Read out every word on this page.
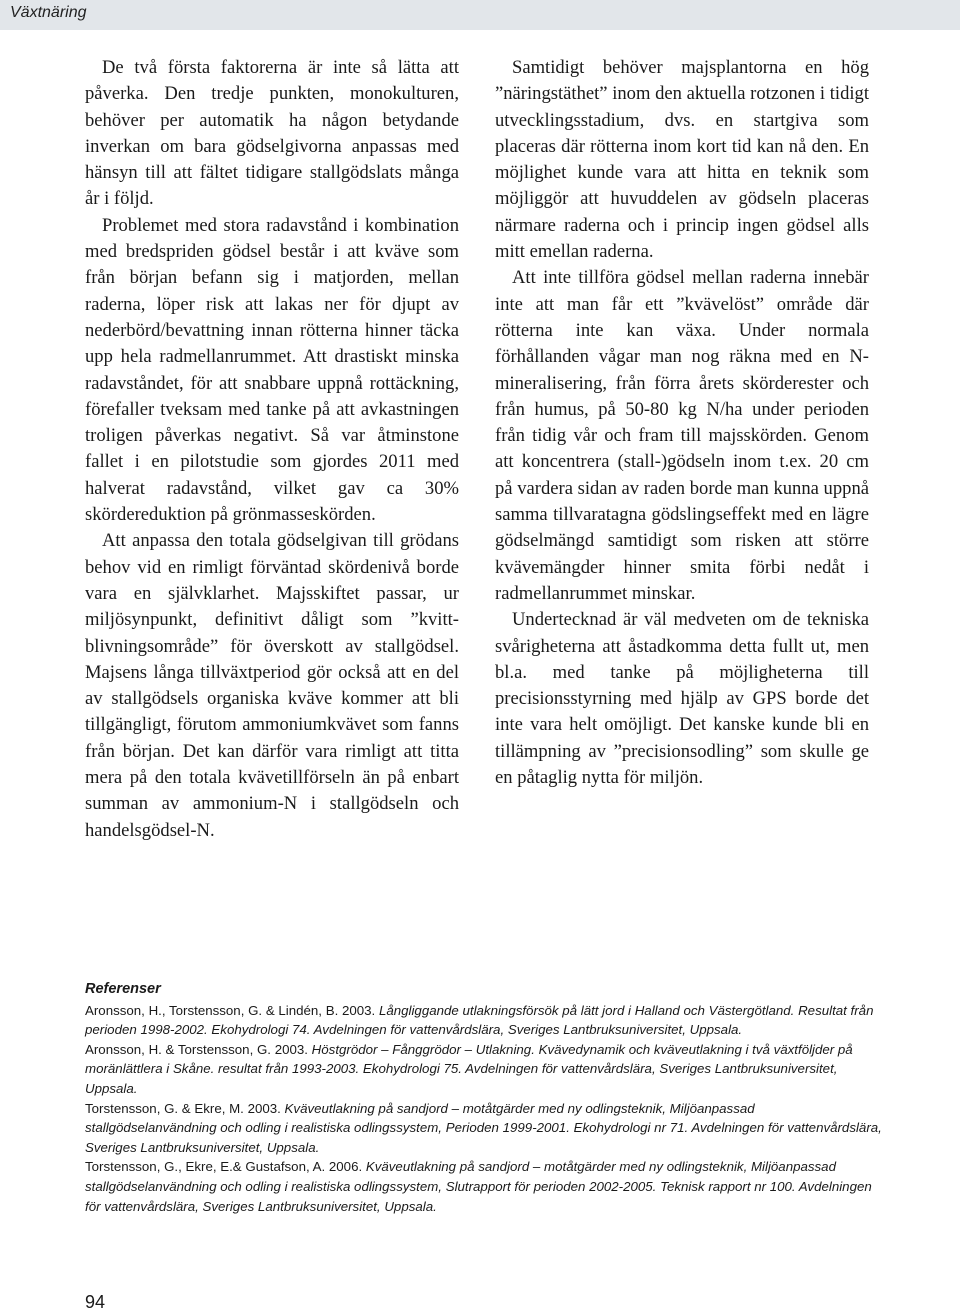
Växtnäring

De två första faktorerna är inte så lätta att påverka. Den tredje punkten, monokulturen, behöver per automatik ha någon betydande inverkan om bara gödselgivorna anpassas med hänsyn till att fältet tidigare stallgödslats många år i följd.

Problemet med stora radavstånd i kombination med bredspriden gödsel består i att kväve som från början befann sig i matjorden, mellan raderna, löper risk att lakas ner för djupt av nederbörd/bevattning innan rötterna hinner täcka upp hela radmellanrummet. Att drastiskt minska radavståndet, för att snabbare uppnå rottäckning, förefaller tveksam med tanke på att avkastningen troligen påverkas negativt. Så var åtminstone fallet i en pilotstudie som gjordes 2011 med halverat radavstånd, vilket gav ca 30% skördereduktion på grönmasseskörden.

Att anpassa den totala gödselgivan till grödans behov vid en rimligt förväntad skördenivå borde vara en självklarhet. Majsskiftet passar, ur miljösynpunkt, definitivt dåligt som ”kvitt-blivningsområde” för överskott av stallgödsel. Majsens långa tillväxtperiod gör också att en del av stallgödsels organiska kväve kommer att bli tillgängligt, förutom ammoniumkvävet som fanns från början. Det kan därför vara rimligt att titta mera på den totala kvävetillförseln än på enbart summan av ammonium-N i stallgödseln och handelsgödsel-N.

Samtidigt behöver majsplantorna en hög ”näringstäthet” inom den aktuella rotzonen i tidigt utvecklingsstadium, dvs. en startgiva som placeras där rötterna inom kort tid kan nå den. En möjlighet kunde vara att hitta en teknik som möjliggör att huvuddelen av gödseln placeras närmare raderna och i princip ingen gödsel alls mitt emellan raderna.

Att inte tillföra gödsel mellan raderna innebär inte att man får ett ”kvävelöst” område där rötterna inte kan växa. Under normala förhållanden vågar man nog räkna med en N-mineralisering, från förra årets skörderester och från humus, på 50-80 kg N/ha under perioden från tidig vår och fram till majsskörden. Genom att koncentrera (stall-)gödseln inom t.ex. 20 cm på vardera sidan av raden borde man kunna uppnå samma tillvaratagna gödslingseffekt med en lägre gödselmängd samtidigt som risken att större kvävemängder hinner smita förbi nedåt i radmellanrummet minskar.

Undertecknad är väl medveten om de tekniska svårigheterna att åstadkomma detta fullt ut, men bl.a. med tanke på möjligheterna till precisionsstyrning med hjälp av GPS borde det inte vara helt omöjligt. Det kanske kunde bli en tillämpning av ”precisionsodling” som skulle ge en påtaglig nytta för miljön.

Referenser

Aronsson, H., Torstensson, G. & Lindén, B. 2003. Långliggande utlakningsförsök på lätt jord i Halland och Västergötland. Resultat från perioden 1998-2002. Ekohydrologi 74. Avdelningen för vattenvårdslära, Sveriges Lantbruksuniversitet, Uppsala.

Aronsson, H. & Torstensson, G. 2003. Höstgrödor – Fånggrödor – Utlakning. Kvävedynamik och kväveutlakning i två växtföljder på moränlättlera i Skåne. resultat från 1993-2003. Ekohydrologi 75. Avdelningen för vattenvårdslära, Sveriges Lantbruksuniversitet, Uppsala.

Torstensson, G. & Ekre, M. 2003. Kväveutlakning på sandjord – motåtgärder med ny odlingsteknik, Miljöanpassad stallgödselanvändning och odling i realistiska odlingssystem, Perioden 1999-2001. Ekohydrologi nr 71. Avdelningen för vattenvårdslära, Sveriges Lantbruksuniversitet, Uppsala.

Torstensson, G., Ekre, E.& Gustafson, A. 2006. Kväveutlakning på sandjord – motåtgärder med ny odlingsteknik, Miljöanpassad stallgödselanvändning och odling i realistiska odlingssystem, Slutrapport för perioden 2002-2005. Teknisk rapport nr 100. Avdelningen för vattenvårdslära, Sveriges Lantbruksuniversitet, Uppsala.

94
